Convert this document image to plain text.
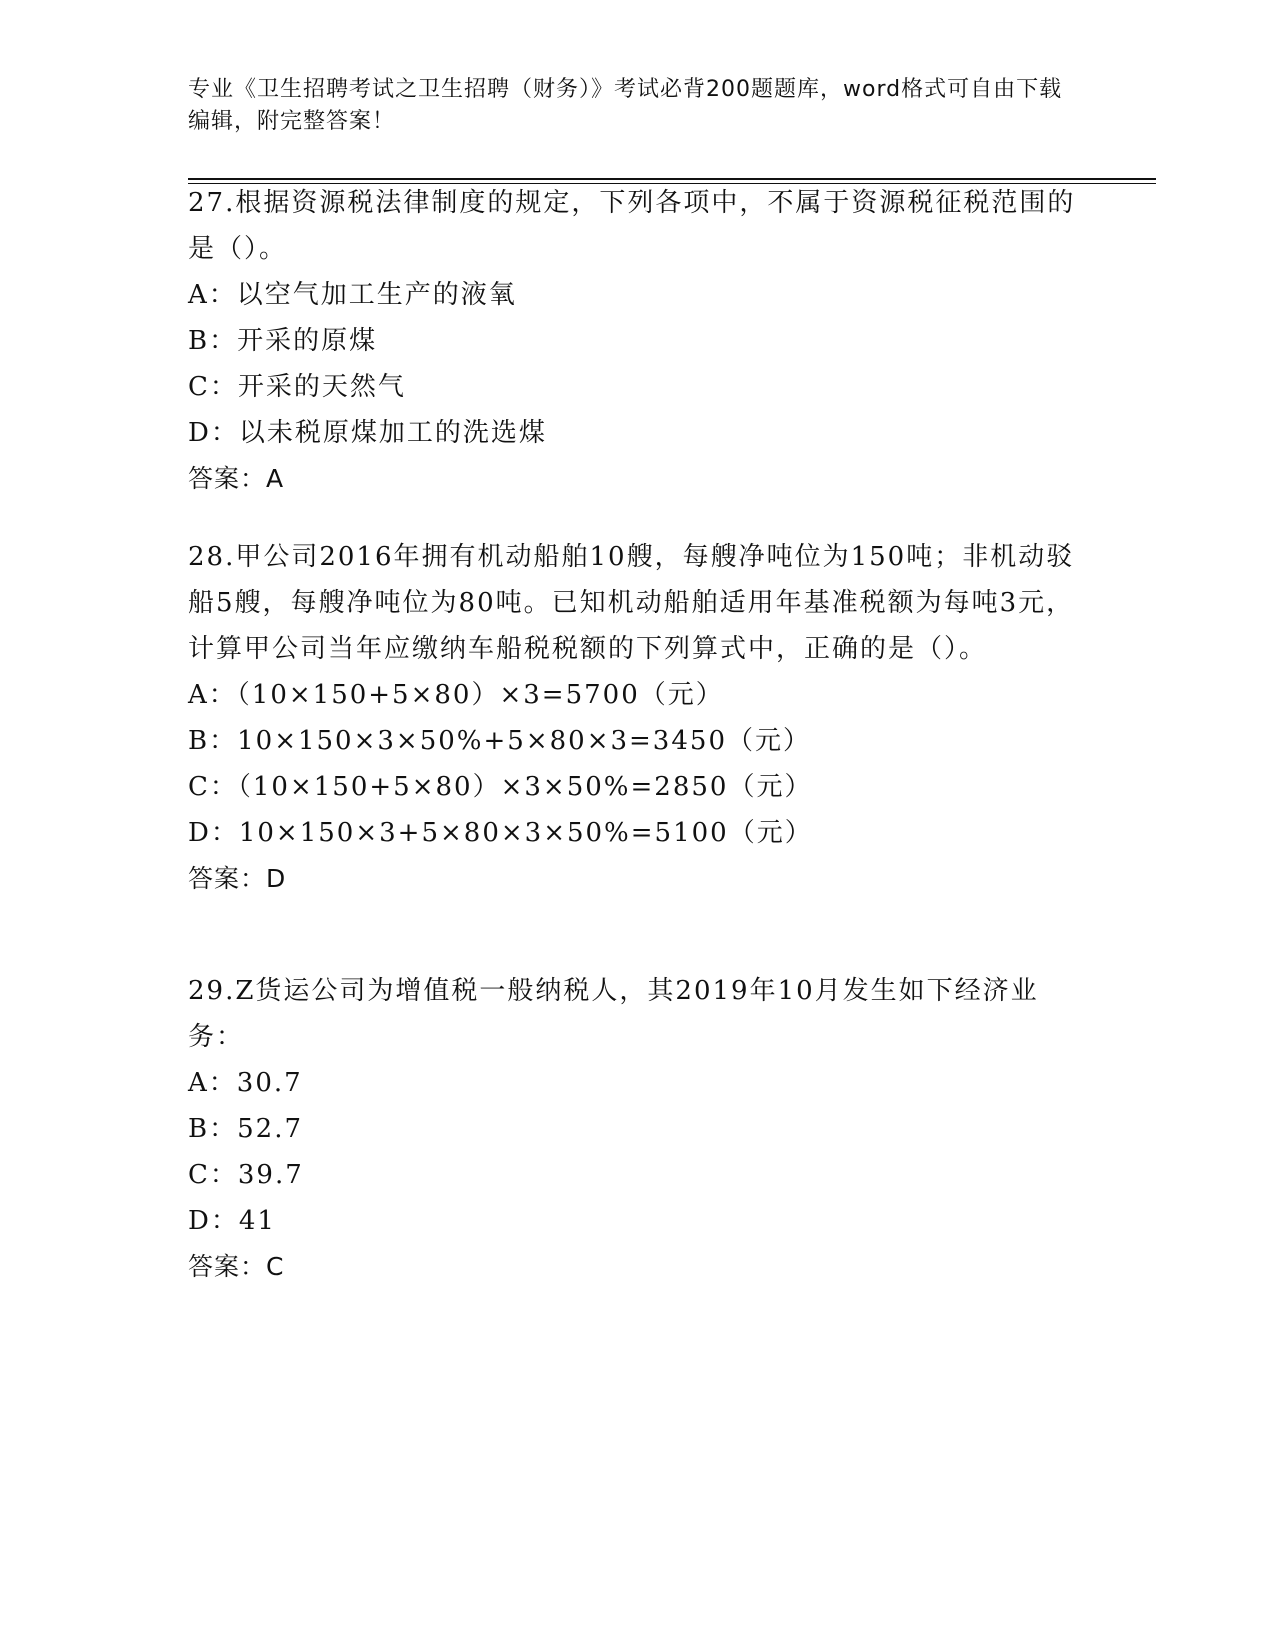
专业《卫生招聘考试之卫生招聘（财务）》考试必背200题题库，word格式可自由下载编辑，附完整答案！
27.根据资源税法律制度的规定，下列各项中，不属于资源税征税范围的是（）。
A：以空气加工生产的液氧
B：开采的原煤
C：开采的天然气
D：以未税原煤加工的洗选煤
答案：A
28.甲公司2016年拥有机动船舶10艘，每艘净吨位为150吨；非机动驳船5艘，每艘净吨位为80吨。已知机动船舶适用年基准税额为每吨3元，计算甲公司当年应缴纳车船税税额的下列算式中，正确的是（）。
A：（10×150+5×80）×3=5700（元）
B：10×150×3×50%+5×80×3=3450（元）
C：（10×150+5×80）×3×50%=2850（元）
D：10×150×3+5×80×3×50%=5100（元）
答案：D
29.Z货运公司为增值税一般纳税人，其2019年10月发生如下经济业务：
A：30.7
B：52.7
C：39.7
D：41
答案：C
